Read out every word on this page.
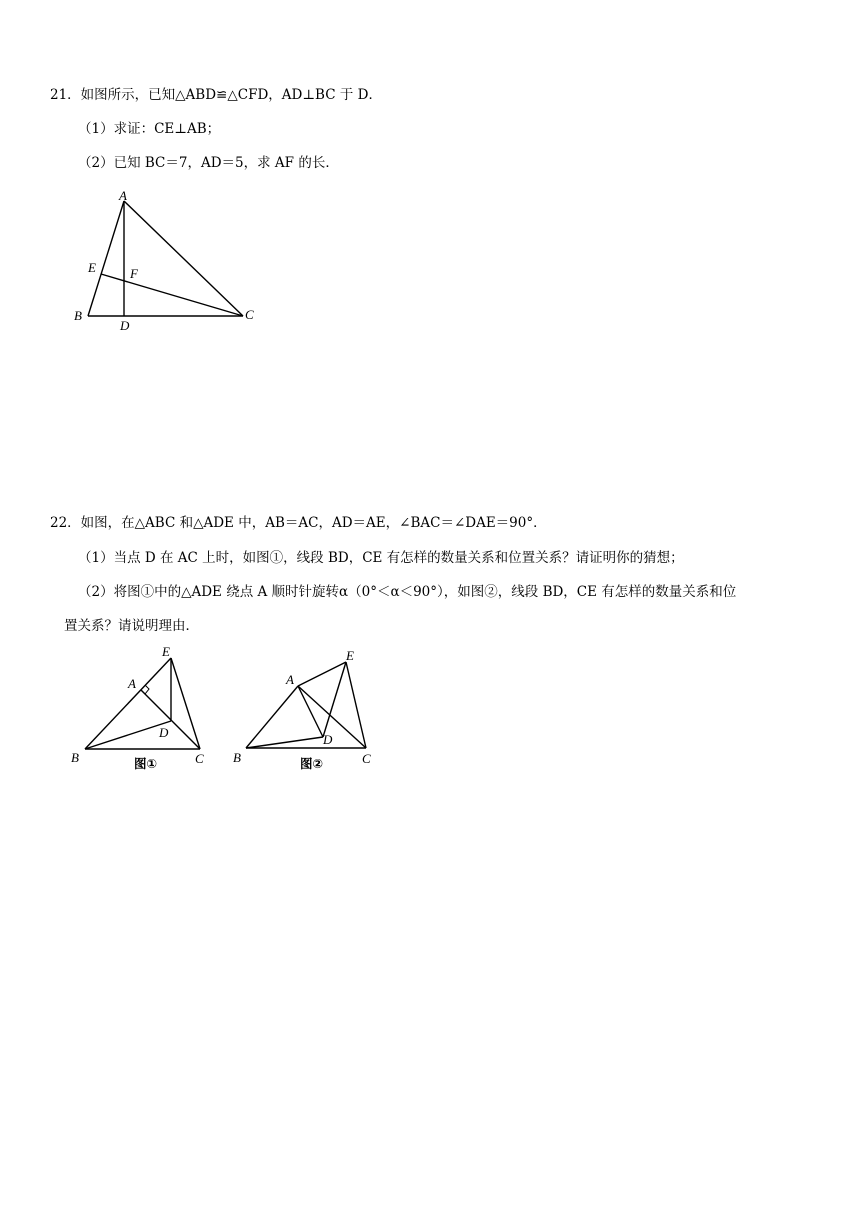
21．如图所示，已知△ABD≌△CFD，AD⊥BC 于 D．
（1）求证：CE⊥AB；
（2）已知 BC＝7，AD＝5，求 AF 的长．
A
B	C
D
E	F
22．如图，在△ABC 和△ADE 中，AB＝AC，AD＝AE，∠BAC＝∠DAE＝90°．
（1）当点 D 在 AC 上时，如图①，线段 BD，CE 有怎样的数量关系和位置关系？请证明你的猜想；
（2）将图①中的△ADE 绕点 A 顺时针旋转α（0°＜α＜90°），如图②，线段 BD，CE 有怎样的数量关系和位
置关系？请说明理由．
A
B	C
D
E
图①
A
B	C
D
E
图②
